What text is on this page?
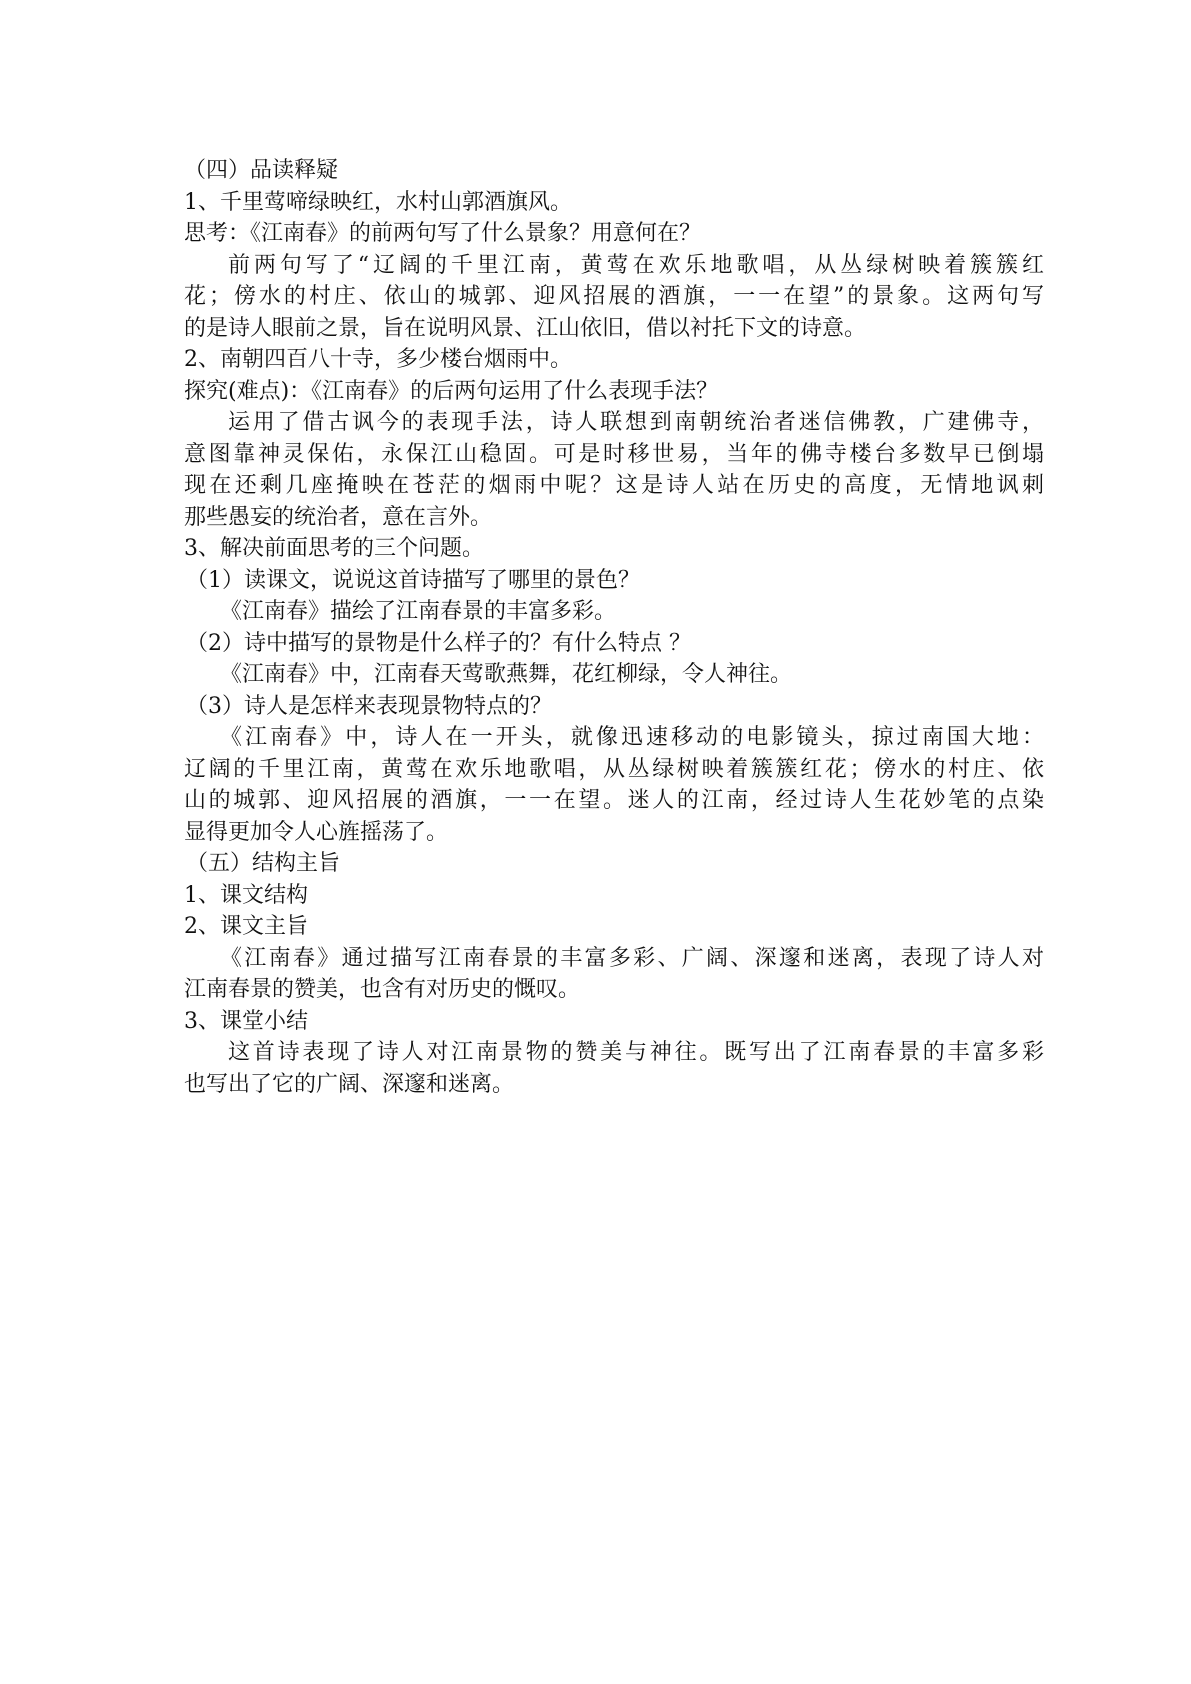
（四）品读释疑
1、千里莺啼绿映红，水村山郭酒旗风。
思考：《江南春》的前两句写了什么景象？用意何在？
前两句写了“辽阔的千里江南，黄莺在欢乐地歌唱，从丛绿树映着簇簇红
花；傍水的村庄、依山的城郭、迎风招展的酒旗，一一在望”的景象。这两句写
的是诗人眼前之景，旨在说明风景、江山依旧，借以衬托下文的诗意。
2、南朝四百八十寺，多少楼台烟雨中。
探究(难点)：《江南春》的后两句运用了什么表现手法？
运用了借古讽今的表现手法，诗人联想到南朝统治者迷信佛教，广建佛寺，
意图靠神灵保佑，永保江山稳固。可是时移世易，当年的佛寺楼台多数早已倒塌
现在还剩几座掩映在苍茫的烟雨中呢？这是诗人站在历史的高度，无情地讽刺
那些愚妄的统治者，意在言外。
3、解决前面思考的三个问题。
（1）读课文，说说这首诗描写了哪里的景色？
《江南春》描绘了江南春景的丰富多彩。
（2）诗中描写的景物是什么样子的？有什么特点 ？
《江南春》中，江南春天莺歌燕舞，花红柳绿，令人神往。
（3）诗人是怎样来表现景物特点的？
《江南春》中，诗人在一开头，就像迅速移动的电影镜头，掠过南国大地：
辽阔的千里江南，黄莺在欢乐地歌唱，从丛绿树映着簇簇红花；傍水的村庄、依
山的城郭、迎风招展的酒旗，一一在望。迷人的江南，经过诗人生花妙笔的点染
显得更加令人心旌摇荡了。
（五）结构主旨
1、课文结构
2、课文主旨
《江南春》通过描写江南春景的丰富多彩、广阔、深邃和迷离，表现了诗人对
江南春景的赞美，也含有对历史的慨叹。
3、课堂小结
这首诗表现了诗人对江南景物的赞美与神往。既写出了江南春景的丰富多彩
也写出了它的广阔、深邃和迷离。
